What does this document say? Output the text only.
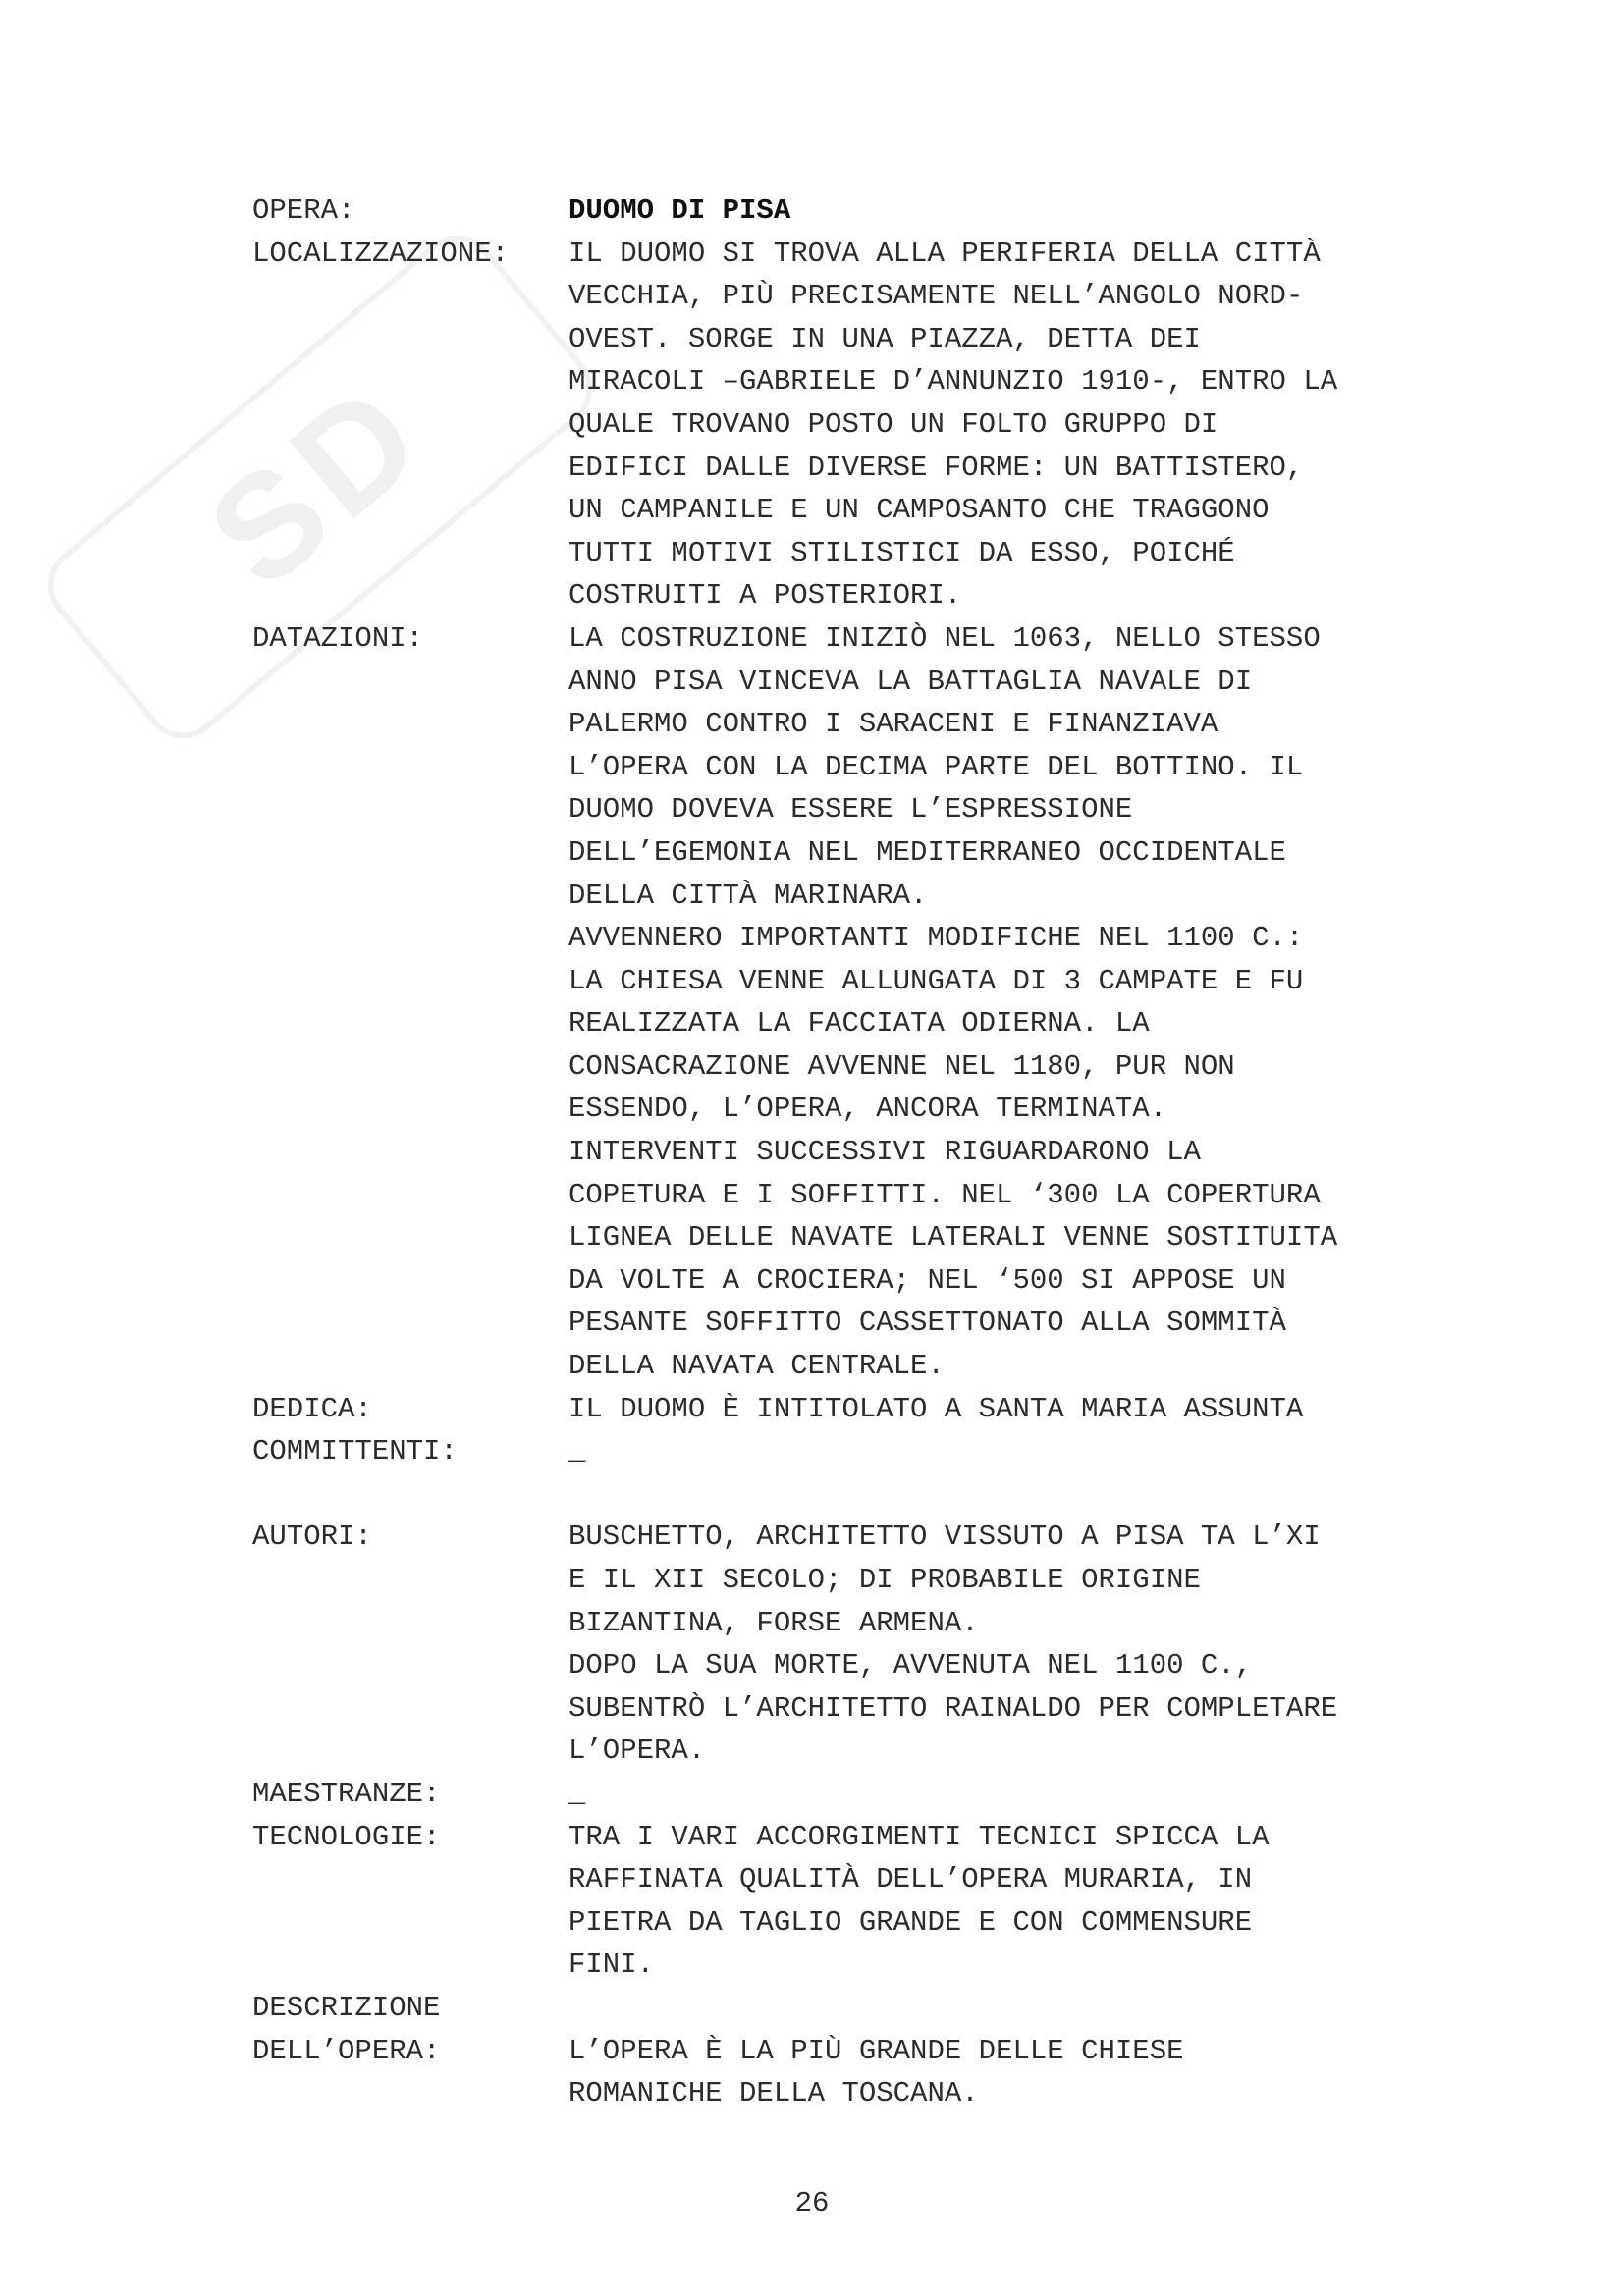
SD
OPERA:	DUOMO DI PISA
LOCALIZZAZIONE:	IL DUOMO SI TROVA ALLA PERIFERIA DELLA CITTÀ
VECCHIA, PIÙ PRECISAMENTE NELL’ANGOLO NORD-
OVEST. SORGE IN UNA PIAZZA, DETTA DEI
MIRACOLI –GABRIELE D’ANNUNZIO 1910-, ENTRO LA
QUALE TROVANO POSTO UN FOLTO GRUPPO DI
EDIFICI DALLE DIVERSE FORME: UN BATTISTERO,
UN CAMPANILE E UN CAMPOSANTO CHE TRAGGONO
TUTTI MOTIVI STILISTICI DA ESSO, POICHÉ
COSTRUITI A POSTERIORI.
DATAZIONI:	LA COSTRUZIONE INIZIÒ NEL 1063, NELLO STESSO
ANNO PISA VINCEVA LA BATTAGLIA NAVALE DI
PALERMO CONTRO I SARACENI E FINANZIAVA
L’OPERA CON LA DECIMA PARTE DEL BOTTINO. IL
DUOMO DOVEVA ESSERE L’ESPRESSIONE
DELL’EGEMONIA NEL MEDITERRANEO OCCIDENTALE
DELLA CITTÀ MARINARA.
AVVENNERO IMPORTANTI MODIFICHE NEL 1100 C.:
LA CHIESA VENNE ALLUNGATA DI 3 CAMPATE E FU
REALIZZATA LA FACCIATA ODIERNA. LA
CONSACRAZIONE AVVENNE NEL 1180, PUR NON
ESSENDO, L’OPERA, ANCORA TERMINATA.
INTERVENTI SUCCESSIVI RIGUARDARONO LA
COPETURA E I SOFFITTI. NEL ‘300 LA COPERTURA
LIGNEA DELLE NAVATE LATERALI VENNE SOSTITUITA
DA VOLTE A CROCIERA; NEL ‘500 SI APPOSE UN
PESANTE SOFFITTO CASSETTONATO ALLA SOMMITÀ
DELLA NAVATA CENTRALE.
DEDICA:	IL DUOMO È INTITOLATO A SANTA MARIA ASSUNTA
COMMITTENTI:	_
AUTORI:	BUSCHETTO, ARCHITETTO VISSUTO A PISA TA L’XI
E IL XII SECOLO; DI PROBABILE ORIGINE
BIZANTINA, FORSE ARMENA.
DOPO LA SUA MORTE, AVVENUTA NEL 1100 C.,
SUBENTRÒ L’ARCHITETTO RAINALDO PER COMPLETARE
L’OPERA.
MAESTRANZE:	_
TECNOLOGIE:	TRA I VARI ACCORGIMENTI TECNICI SPICCA LA
RAFFINATA QUALITÀ DELL’OPERA MURARIA, IN
PIETRA DA TAGLIO GRANDE E CON COMMENSURE
FINI.
DESCRIZIONE
DELL’OPERA:
	L’OPERA È LA PIÙ GRANDE DELLE CHIESE
ROMANICHE DELLA TOSCANA.
26
